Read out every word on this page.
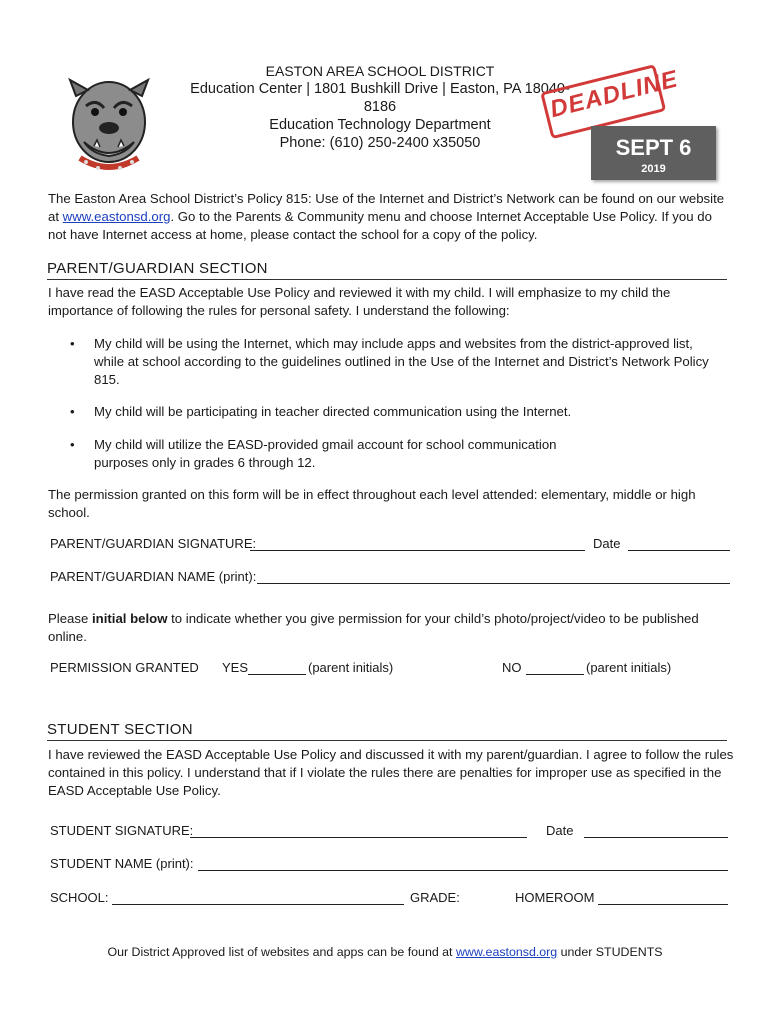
EASTON AREA SCHOOL DISTRICT
Education Center | 1801 Bushkill Drive | Easton, PA 18040-8186
Education Technology Department
Phone: (610) 250-2400 x35050
DEADLINE
SEPT 6
2019
The Easton Area School District’s Policy 815: Use of the Internet and District’s Network can be found on our website at www.eastonsd.org. Go to the Parents & Community menu and choose Internet Acceptable Use Policy. If you do not have Internet access at home, please contact the school for a copy of the policy.
PARENT/GUARDIAN SECTION
I have read the EASD Acceptable Use Policy and reviewed it with my child. I will emphasize to my child the importance of following the rules for personal safety. I understand the following:
•	My child will be using the Internet, which may include apps and websites from the district-approved list, while at school according to the guidelines outlined in the Use of the Internet and District’s Network Policy 815.
•	My child will be participating in teacher directed communication using the Internet.
•	My child will utilize the EASD-provided gmail account for school communication purposes only in grades 6 through 12.
The permission granted on this form will be in effect throughout each level attended: elementary, middle or high school.
PARENT/GUARDIAN SIGNATURE:	Date
PARENT/GUARDIAN NAME (print):
Please initial below to indicate whether you give permission for your child’s photo/project/video to be published online.
PERMISSION GRANTED YES	(parent initials)	NO	(parent initials)
STUDENT SECTION
I have reviewed the EASD Acceptable Use Policy and discussed it with my parent/guardian. I agree to follow the rules contained in this policy. I understand that if I violate the rules there are penalties for improper use as specified in the EASD Acceptable Use Policy.
STUDENT SIGNATURE:	Date
STUDENT NAME (print):
SCHOOL:	GRADE:	HOMEROOM
Our District Approved list of websites and apps can be found at www.eastonsd.org under STUDENTS
